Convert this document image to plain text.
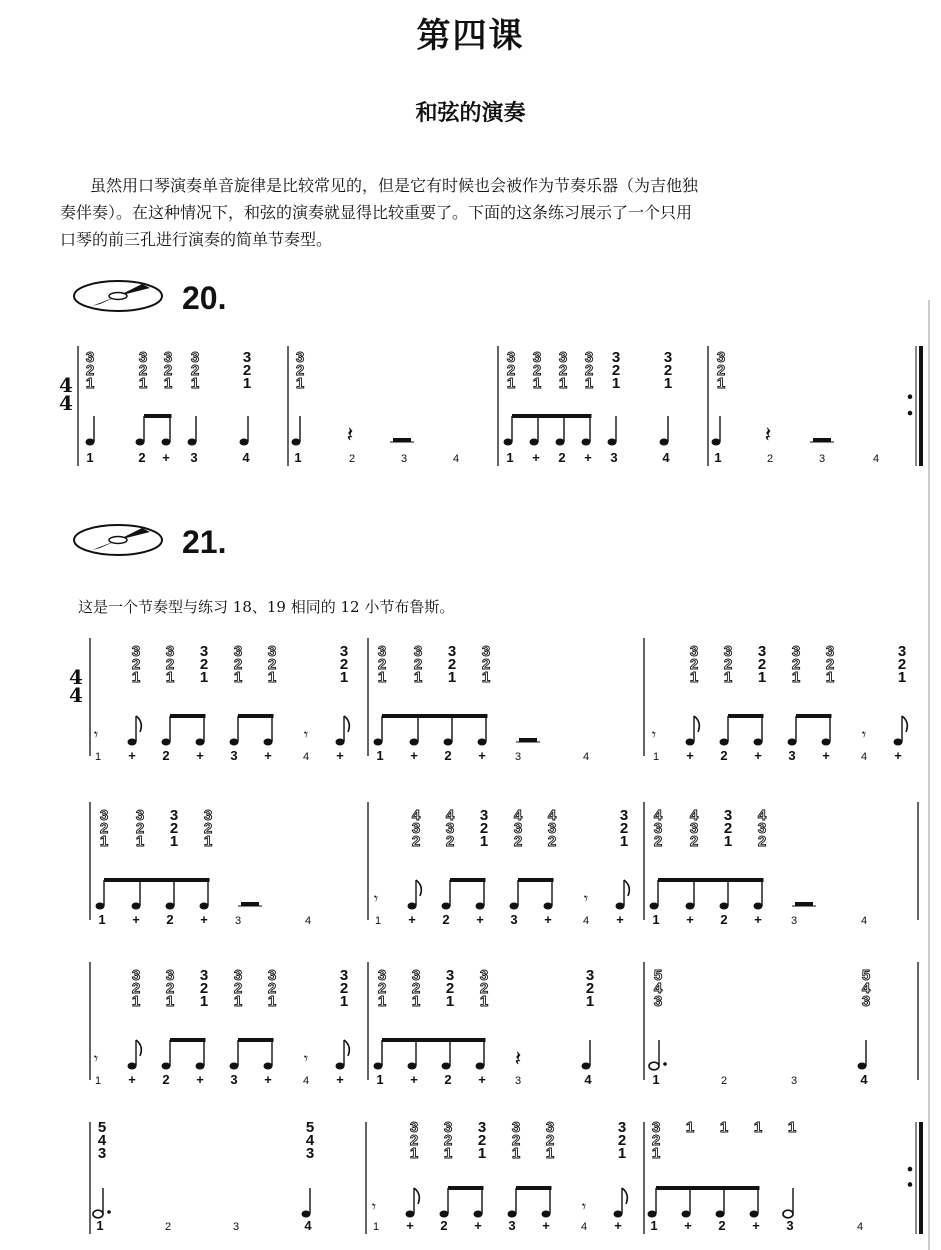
第四课
和弦的演奏

虽然用口琴演奏单音旋律是比较常见的，但是它有时候也会被作为节奏乐器（为吉他独

奏伴奏）。在这种情况下，和弦的演奏就显得比较重要了。下面的这条练习展示了一个只用

口琴的前三孔进行演奏的简单节奏型。

20.
21.
这是一个节奏型与练习 18、19 相同的 12 小节布鲁斯。
4
4
3
2
1
3
2
1
3
2
1
3
2
1
3
2
1
3
2
1
𝄽
3
2
1
3
2
1
3
2
1
3
2
1
3
2
1
3
2
1
3
2
1
𝄽
1	2 + 3	4	1	2	3	4	1 + 2 + 3	4	1	2	3	4
4
4
𝄾
3
2
1
3
2
1
3
2
1
3
2
1
3
2
1
𝄾
3
2
1
3
2
1
3
2
1
3
2
1
3
2
1
𝄾
3
2
1
3
2
1
3
2
1
3
2
1
3
2
1
𝄾
3
2
1
1 + 2 + 3 +	4 +	1 + 2 +	3	4	1 + 2 + 3 +	4 +
3
2
1
3
2
1
3
2
1
3
2
1
𝄾
4
3
2
4
3
2
3
2
1
4
3
2
4
3
2
𝄾
3
2
1
4
3
2
4
3
2
3
2
1
4
3
2
1 + 2 + 3	4	1 + 2 + 3 +	4 + 1 + 2 +	3	4
𝄾
3
2
1
3
2
1
3
2
1
3
2
1
3
2
1
𝄾
3
2
1
3
2
1
3
2
1
3
2
1
3
2
1
𝄽
3
2
1
5
4
3
5
4
3
1 + 2 + 3 +	4 +	1 + 2 +	3	4	1	2	3	4
5
4
3
5
4
3
𝄾
3
2
1
3
2
1
3
2
1
3
2
1
3
2
1
𝄾
3
2
1
3
2
1
1 1 1 1
1	2	3	4	1 + 2 + 3 +	4 + 1 + 2 + 3	4
